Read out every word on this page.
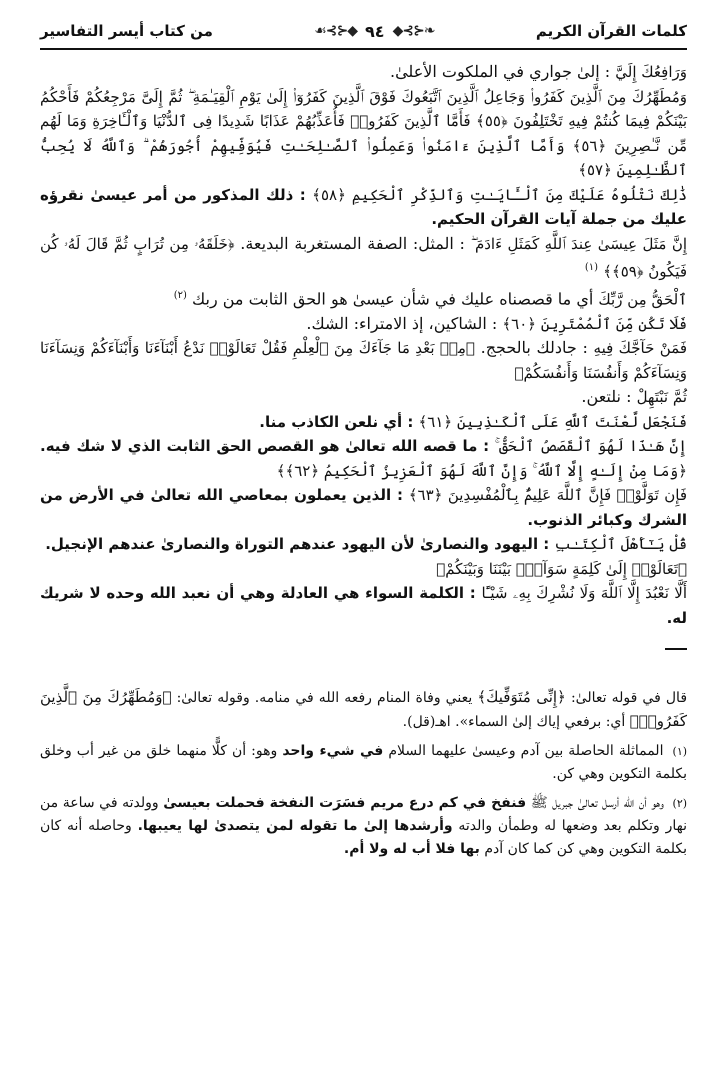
كلمات القرآن الكريم
❧⊰⊱◆
٩٤
◆⊰⊱☙
من كتاب أيسر التفاسير

وَرَافِعُكَ إِلَيَّ : إلىٰ جواري في الملكوت الأعلىٰ.

وَمُطَهِّرُكَ مِنَ ٱلَّذِينَ كَفَرُوا۟ وَجَاعِلُ ٱلَّذِينَ ٱتَّبَعُوكَ فَوْقَ ٱلَّذِينَ كَفَرُوٓا۟ إِلَىٰ يَوْمِ ٱلْقِيَـٰمَةِ ۖ ثُمَّ إِلَىَّ مَرْجِعُكُمْ فَأَحْكُمُ بَيْنَكُمْ فِيمَا كُنتُمْ فِيهِ تَخْتَلِفُونَ ﴿٥٥﴾ فَأَمَّا ٱلَّذِينَ كَفَرُوا۟ فَأُعَذِّبُهُمْ عَذَابًا شَدِيدًا فِى ٱلدُّنْيَا وَٱلْـَٔاخِرَةِ وَمَا لَهُم مِّن نَّـٰصِرِينَ ﴿٥٦﴾ وَأَمَّا ٱلَّذِينَ ءَامَنُوا۟ وَعَمِلُوا۟ ٱلصَّـٰلِحَـٰتِ فَيُوَفِّيهِمْ أُجُورَهُمْ ۗ وَٱللَّهُ لَا يُحِبُّ ٱلظَّـٰلِمِينَ ﴿٥٧﴾

ذَٰلِكَ نَتْلُوهُ عَلَيْكَ مِنَ ٱلْـَٔايَـٰتِ وَٱلذِّكْرِ ٱلْحَكِيمِ ﴿٥٨﴾ : ذلك المذكور من أمر عيسىٰ نقرؤه عليك من جملة آيات القرآن الحكيم.

إِنَّ مَثَلَ عِيسَىٰ عِندَ ٱللَّهِ كَمَثَلِ ءَادَمَ ۖ : المثل: الصفة المستغربة البديعة. ﴿خَلَقَهُۥ مِن تُرَابٍ ثُمَّ قَالَ لَهُۥ كُن فَيَكُونُ ﴿٥٩﴾﴾ $^{(١)}$

ٱلْحَقُّ مِن رَّبِّكَ أي ما قصصناه عليك في شأن عيسىٰ هو الحق الثابت من ربك $^{(٢)}$

فَلَا تَكُن مِّنَ ٱلْمُمْتَرِينَ ﴿٦٠﴾ : الشاكين، إذ الامتراء: الشك.

فَمَنْ حَآجَّكَ فِيهِ : جادلك بالحجج. ﴿مِنۢ بَعْدِ مَا جَآءَكَ مِنَ ٱلْعِلْمِ فَقُلْ تَعَالَوْا۟ نَدْعُ أَبْنَآءَنَا وَأَبْنَآءَكُمْ وَنِسَآءَنَا وَنِسَآءَكُمْ وَأَنفُسَنَا وَأَنفُسَكُمْ﴾

ثُمَّ نَبْتَهِلْ : نلتعن.

فَنَجْعَل لَّعْنَتَ ٱللَّهِ عَلَى ٱلْكَـٰذِبِينَ ﴿٦١﴾ : أي نلعن الكاذب منا.

إِنَّ هَـٰذَا لَهُوَ ٱلْقَصَصُ ٱلْحَقُّ ۚ : ما قصه الله تعالىٰ هو القصص الحق الثابت الذي لا شك فيه. ﴿وَمَا مِنْ إِلَـٰهٍ إِلَّا ٱللَّهُ ۚ وَإِنَّ ٱللَّهَ لَهُوَ ٱلْعَزِيزُ ٱلْحَكِيمُ ﴿٦٢﴾﴾

فَإِن تَوَلَّوْا۟ فَإِنَّ ٱللَّهَ عَلِيمٌۢ بِٱلْمُفْسِدِينَ ﴿٦٣﴾ : الذين يعملون بمعاصي الله تعالىٰ في الأرض من الشرك وكبائر الذنوب.

قُلْ يَـٰٓأَهْلَ ٱلْكِتَـٰبِ : اليهود والنصارىٰ لأن اليهود عندهم التوراة والنصارىٰ عندهم الإنجيل.

﴿تَعَالَوْا۟ إِلَىٰ كَلِمَةٍ سَوَآءٍۭ بَيْنَنَا وَبَيْنَكُمْ﴾

أَلَّا نَعْبُدَ إِلَّا ٱللَّهَ وَلَا نُشْرِكَ بِهِۦ شَيْـًٔا : الكلمة السواء هي العادلة وهي أن نعبد الله وحده لا شريك له.

قال في قوله تعالىٰ: ﴿إِنِّى مُتَوَفِّيكَ﴾ يعني وفاة المنام رفعه الله في منامه. وقوله تعالىٰ: ﴿وَمُطَهِّرُكَ مِنَ ٱلَّذِينَ كَفَرُوا۟﴾ أي: برفعي إياك إلىٰ السماء». اهـ(قل).

(١) المماثلة الحاصلة بين آدم وعيسىٰ عليهما السلام في شيء واحد وهو: أن كلًّا منهما خلق من غير أب وخلق بكلمة التكوين وهي كن.

(٢) وهو أن الله أرسل تعالىٰ جبريل ﷺ فنفخ في كم درع مريم فسَرَت النفخة فحملت بعيسىٰ وولدته في ساعة من نهار وتكلم بعد وضعها له وطمأن والدته وأرشدها إلىٰ ما تقوله لمن يتصدىٰ لها يعيبها. وحاصله أنه كان بكلمة التكوين وهي كن كما كان آدم بها فلا أب له ولا أم.
